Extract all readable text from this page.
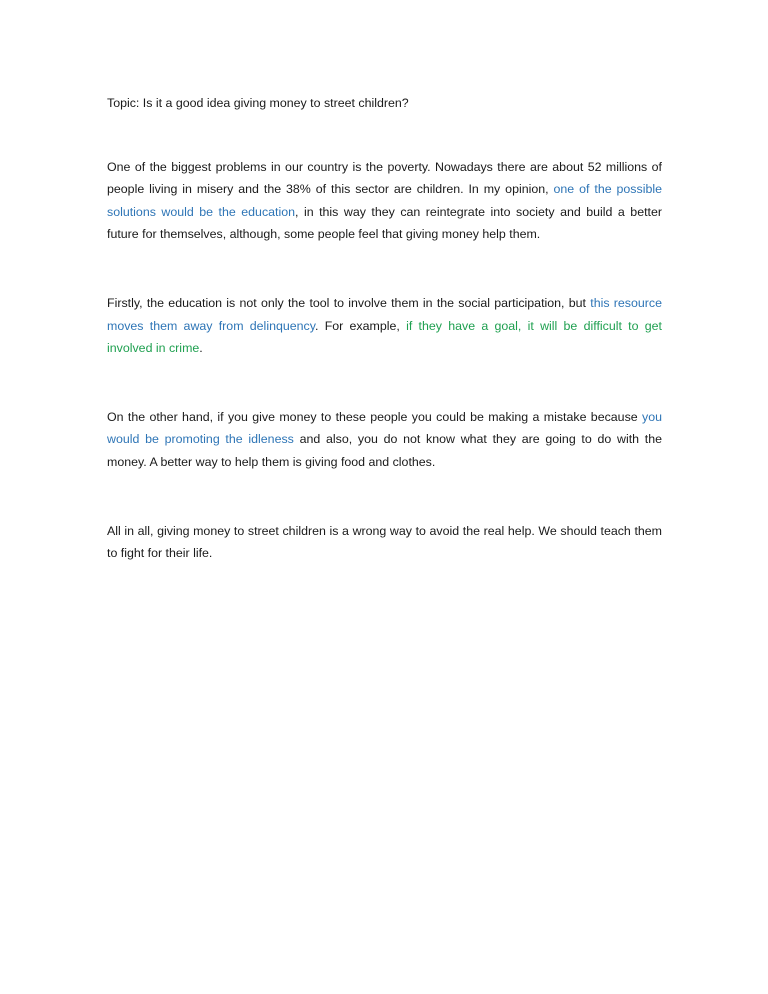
Topic: Is it a good idea giving money to street children?

One of the biggest problems in our country is the poverty. Nowadays there are about 52 millions of people living in misery and the 38% of this sector are children. In my opinion, one of the possible solutions would be the education, in this way they can reintegrate into society and build a better future for themselves, although, some people feel that giving money help them.

Firstly, the education is not only the tool to involve them in the social participation, but this resource moves them away from delinquency. For example, if they have a goal, it will be difficult to get involved in crime.

On the other hand, if you give money to these people you could be making a mistake because you would be promoting the idleness and also, you do not know what they are going to do with the money. A better way to help them is giving food and clothes.

All in all, giving money to street children is a wrong way to avoid the real help. We should teach them to fight for their life.
